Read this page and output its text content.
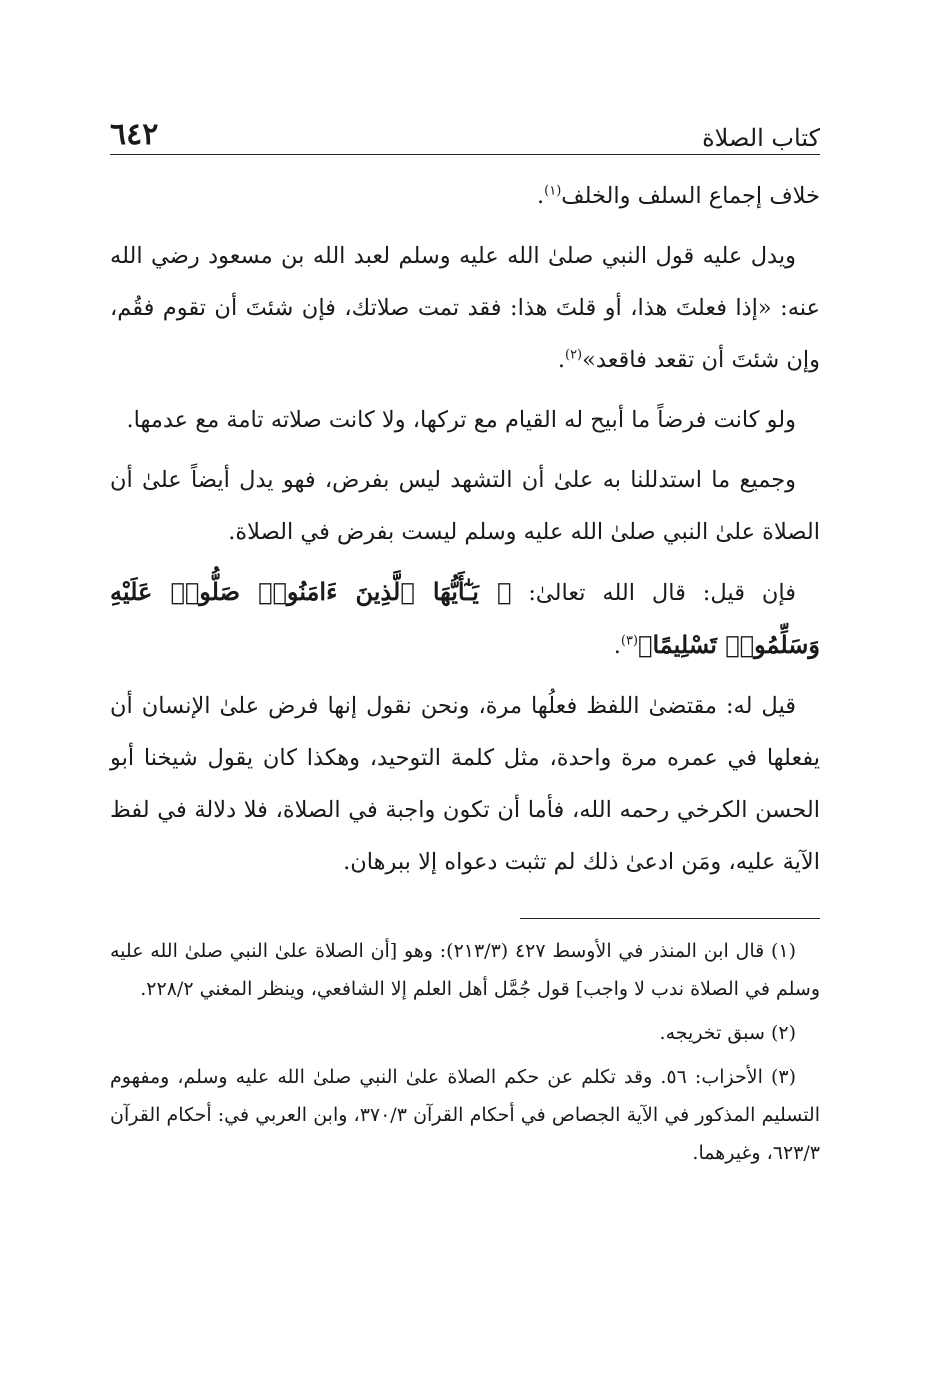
كتاب الصلاة
٦٤٢

خلاف إجماع السلف والخلف$^{(١)}$.

ويدل عليه قول النبي صلىٰ الله عليه وسلم لعبد الله بن مسعود رضي الله عنه: «إذا فعلتَ هذا، أو قلتَ هذا: فقد تمت صلاتك، فإن شئتَ أن تقوم فقُم، وإن شئتَ أن تقعد فاقعد»$^{(٢)}$.

ولو كانت فرضاً ما أبيح له القيام مع تركها، ولا كانت صلاته تامة مع عدمها.

وجميع ما استدللنا به علىٰ أن التشهد ليس بفرض، فهو يدل أيضاً علىٰ أن الصلاة علىٰ النبي صلىٰ الله عليه وسلم ليست بفرض في الصلاة.

فإن قيل: قال الله تعالىٰ: ﴿ يَـٰٓأَيُّهَا ٱلَّذِينَ ءَامَنُوا۟ صَلُّوا۟ عَلَيْهِ وَسَلِّمُوا۟ تَسْلِيمًا﴾$^{(٣)}$.

قيل له: مقتضىٰ اللفظ فعلُها مرة، ونحن نقول إنها فرض علىٰ الإنسان أن يفعلها في عمره مرة واحدة، مثل كلمة التوحيد، وهكذا كان يقول شيخنا أبو الحسن الكرخي رحمه الله، فأما أن تكون واجبة في الصلاة، فلا دلالة في لفظ الآية عليه، ومَن ادعىٰ ذلك لم تثبت دعواه إلا ببرهان.

(١) قال ابن المنذر في الأوسط ٤٢٧ (٢١٣/٣): وهو [أن الصلاة علىٰ النبي صلىٰ الله عليه وسلم في الصلاة ندب لا واجب] قول جُمَّل أهل العلم إلا الشافعي، وينظر المغني ٢٢٨/٢.

(٢) سبق تخريجه.

(٣) الأحزاب: ٥٦. وقد تكلم عن حكم الصلاة علىٰ النبي صلىٰ الله عليه وسلم، ومفهوم التسليم المذكور في الآية الجصاص في أحكام القرآن ٣٧٠/٣، وابن العربي في: أحكام القرآن ٦٢٣/٣، وغيرهما.
